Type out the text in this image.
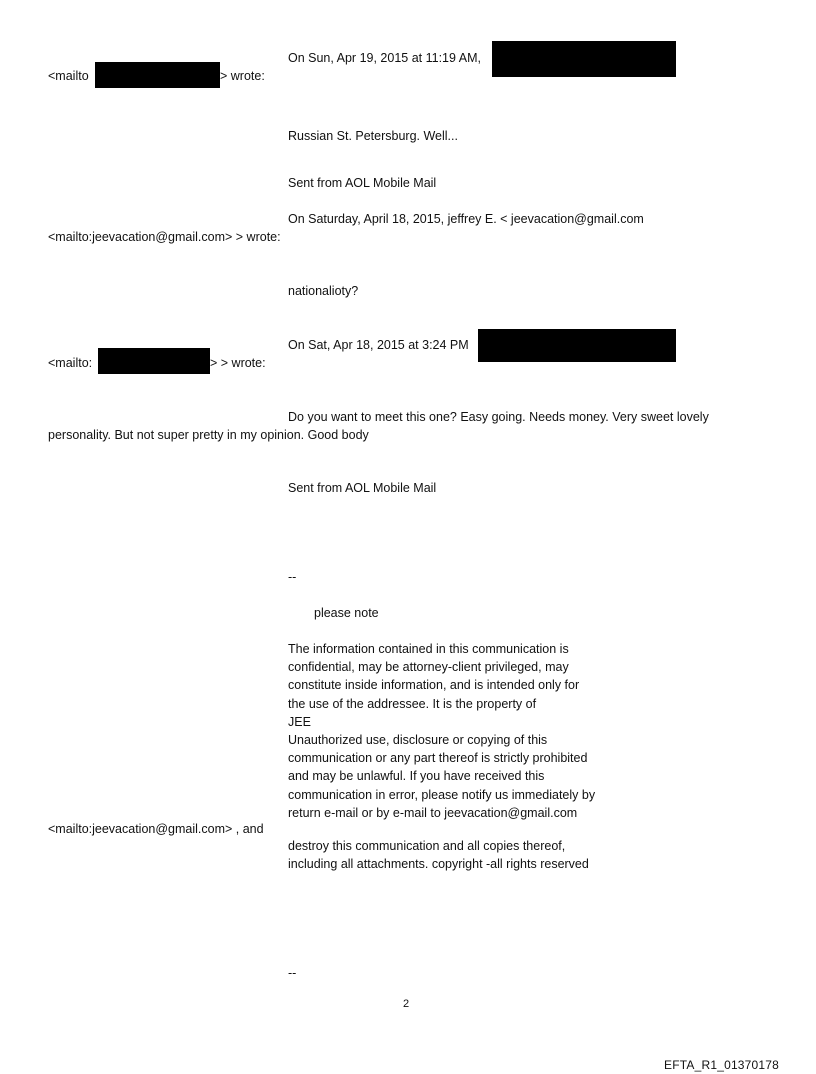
On Sun, Apr 19, 2015 at 11:19 AM,
<mailto	> wrote:
Russian St. Petersburg. Well...
Sent from AOL Mobile Mail
On Saturday, April 18, 2015, jeffrey E. < jeevacation@gmail.com
<mailto:jeevacation@gmail.com> > wrote:
nationalioty?
On Sat, Apr 18, 2015 at 3:24 PM
<mailto:	> > wrote:
Do you want to meet this one? Easy going. Needs money. Very sweet lovely
personality. But not super pretty in my opinion. Good body
Sent from AOL Mobile Mail
--
please note
The information contained in this communication is
confidential, may be attorney-client privileged, may
constitute inside information, and is intended only for
the use of the addressee. It is the property of
JEE
Unauthorized use, disclosure or copying of this
communication or any part thereof is strictly prohibited
and may be unlawful. If you have received this
communication in error, please notify us immediately by
return e-mail or by e-mail to jeevacation@gmail.com
<mailto:jeevacation@gmail.com> , and
destroy this communication and all copies thereof,
including all attachments. copyright -all rights reserved
--
2
EFTA_R1_01370178
